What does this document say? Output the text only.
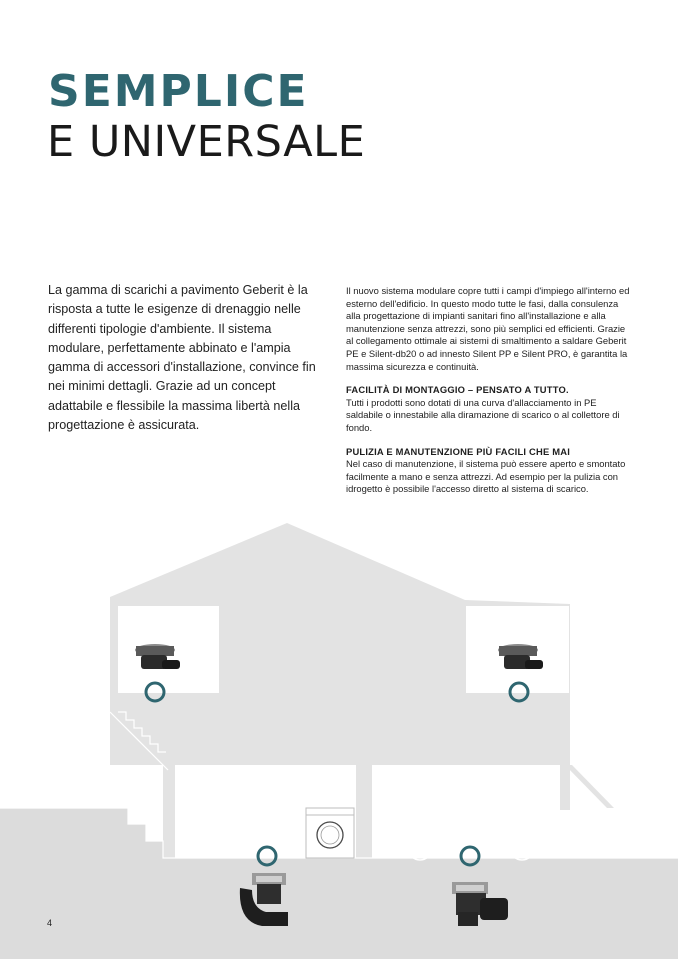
SEMPLICE
E UNIVERSALE

La gamma di scarichi a pavimento Geberit è la risposta a tutte le esigenze di drenaggio nelle differenti tipologie d'ambiente. Il sistema modulare, perfettamente abbinato e l'ampia gamma di accessori d'installazione, convince fin nei minimi dettagli. Grazie ad un concept adattabile e flessibile la massima libertà nella progettazione è assicurata.

Il nuovo sistema modulare copre tutti i campi d'impiego all'interno ed esterno dell'edificio. In questo modo tutte le fasi, dalla consulenza alla progettazione di impianti sanitari fino all'installazione e alla manutenzione senza attrezzi, sono più semplici ed efficienti. Grazie al collegamento ottimale ai sistemi di smaltimento a saldare Geberit PE e Silent-db20 o ad innesto Silent PP e Silent PRO, è garantita la massima sicurezza e continuità.

FACILITÀ DI MONTAGGIO – PENSATO A TUTTO.

Tutti i prodotti sono dotati di una curva d'allacciamento in PE saldabile o innestabile alla diramazione di scarico o al collettore di fondo.

PULIZIA E MANUTENZIONE PIÙ FACILI CHE MAI

Nel caso di manutenzione, il sistema può essere aperto e smontato facilmente a mano e senza attrezzi. Ad esempio per la pulizia con idrogetto è possibile l'accesso diretto al sistema di scarico.

4
